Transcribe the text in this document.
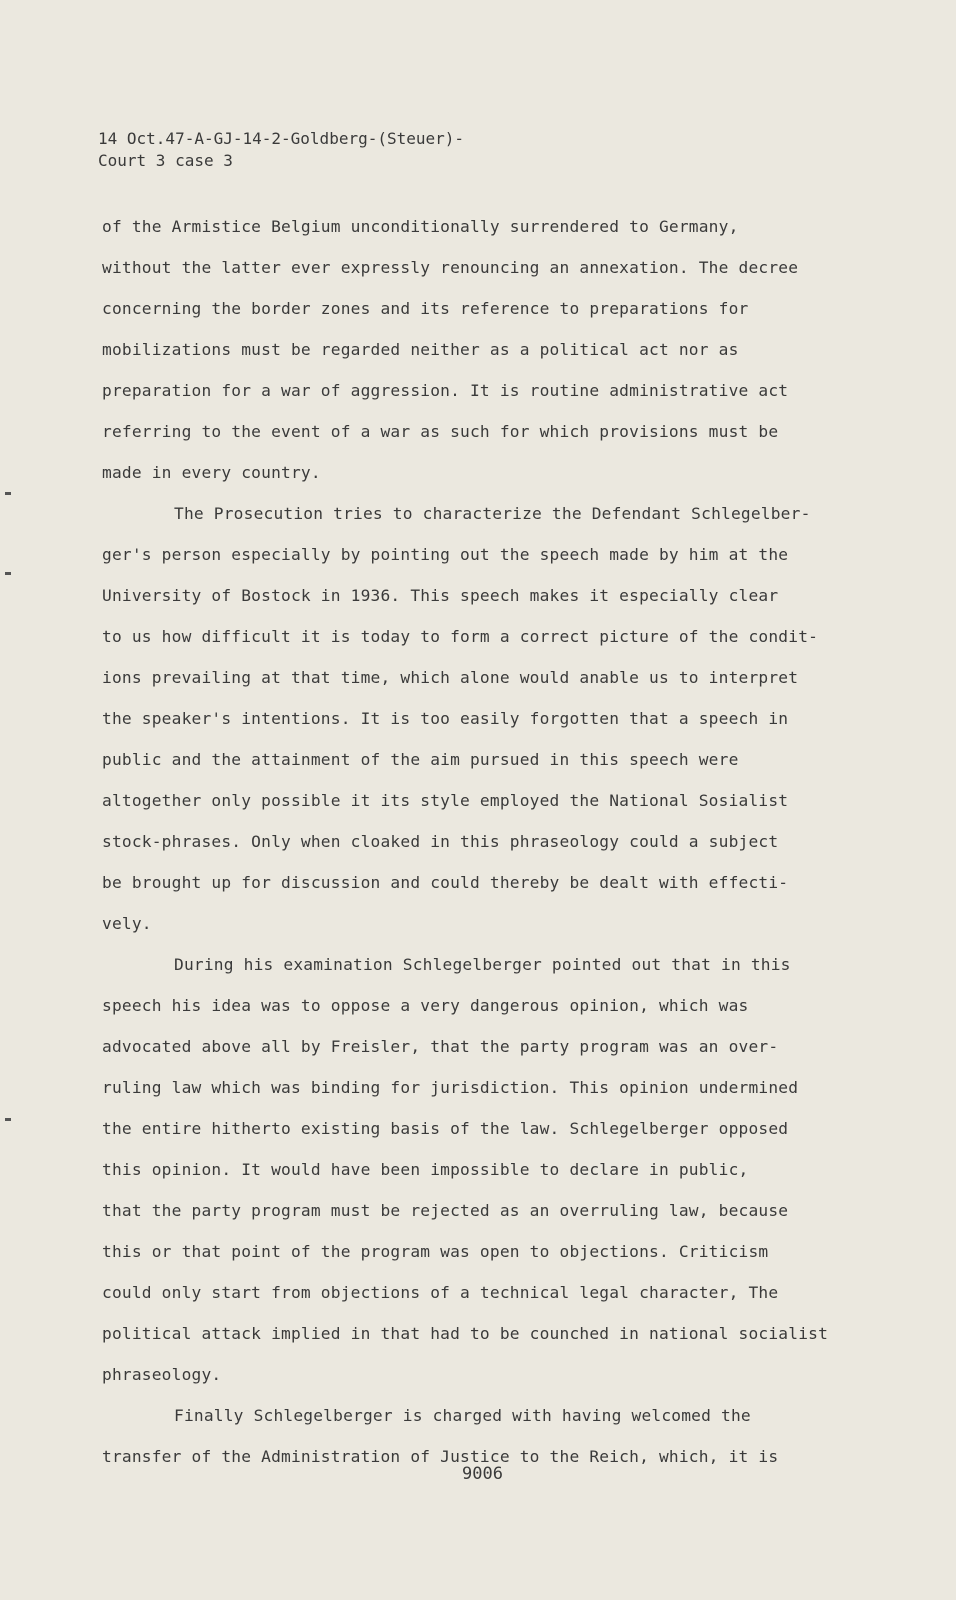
14 Oct.47-A-GJ-14-2-Goldberg-(Steuer)-
Court 3 case 3
of the Armistice Belgium unconditionally surrendered to Germany,
without the latter ever expressly renouncing an annexation. The decree
concerning the border zones and its reference to preparations for
mobilizations must be regarded neither as a political act nor as
preparation for a war of aggression. It is routine administrative act
referring to the event of a war as such for which provisions must be
made in every country.
The Prosecution tries to characterize the Defendant Schlegelber-
ger's person especially by pointing out the speech made by him at the
University of Bostock in 1936. This speech makes it especially clear
to us how difficult it is today to form a correct picture of the condit-
ions prevailing at that time, which alone would anable us to interpret
the speaker's intentions. It is too easily forgotten that a speech in
public and the attainment of the aim pursued in this speech were
altogether only possible it its style employed the National Sosialist
stock-phrases. Only when cloaked in this phraseology could a subject
be brought up for discussion and could thereby be dealt with effecti-
vely.
During his examination Schlegelberger pointed out that in this
speech his idea was to oppose a very dangerous opinion, which was
advocated above all by Freisler, that the party program was an over-
ruling law which was binding for jurisdiction. This opinion undermined
the entire hitherto existing basis of the law. Schlegelberger opposed
this opinion. It would have been impossible to declare in public,
that the party program must be rejected as an overruling law, because
this or that point of the program was open to objections. Criticism
could only start from objections of a technical legal character, The
political attack implied in that had to be counched in national socialist
phraseology.
Finally Schlegelberger is charged with having welcomed the
transfer of the Administration of Justice to the Reich, which, it is
9006
